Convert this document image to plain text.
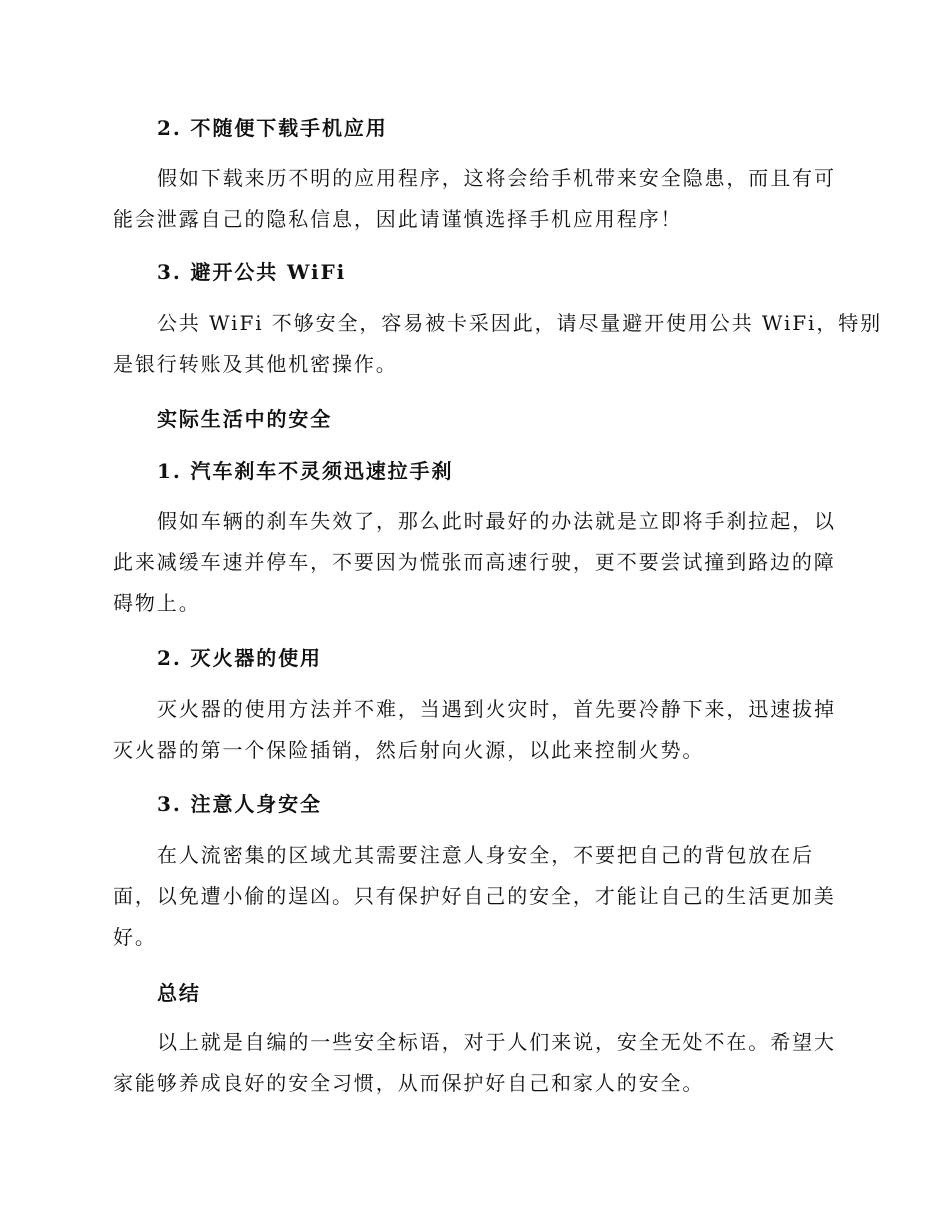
2. 不随便下载手机应用
假如下载来历不明的应用程序，这将会给手机带来安全隐患，而且有可
能会泄露自己的隐私信息，因此请谨慎选择手机应用程序！
3. 避开公共 WiFi
公共 WiFi 不够安全，容易被卡采因此，请尽量避开使用公共 WiFi，特别
是银行转账及其他机密操作。
实际生活中的安全
1. 汽车刹车不灵须迅速拉手刹
假如车辆的刹车失效了，那么此时最好的办法就是立即将手刹拉起，以
此来减缓车速并停车，不要因为慌张而高速行驶，更不要尝试撞到路边的障
碍物上。
2. 灭火器的使用
灭火器的使用方法并不难，当遇到火灾时，首先要冷静下来，迅速拔掉
灭火器的第一个保险插销，然后射向火源，以此来控制火势。
3. 注意人身安全
在人流密集的区域尤其需要注意人身安全，不要把自己的背包放在后
面，以免遭小偷的逞凶。只有保护好自己的安全，才能让自己的生活更加美
好。
总结
以上就是自编的一些安全标语，对于人们来说，安全无处不在。希望大
家能够养成良好的安全习惯，从而保护好自己和家人的安全。
